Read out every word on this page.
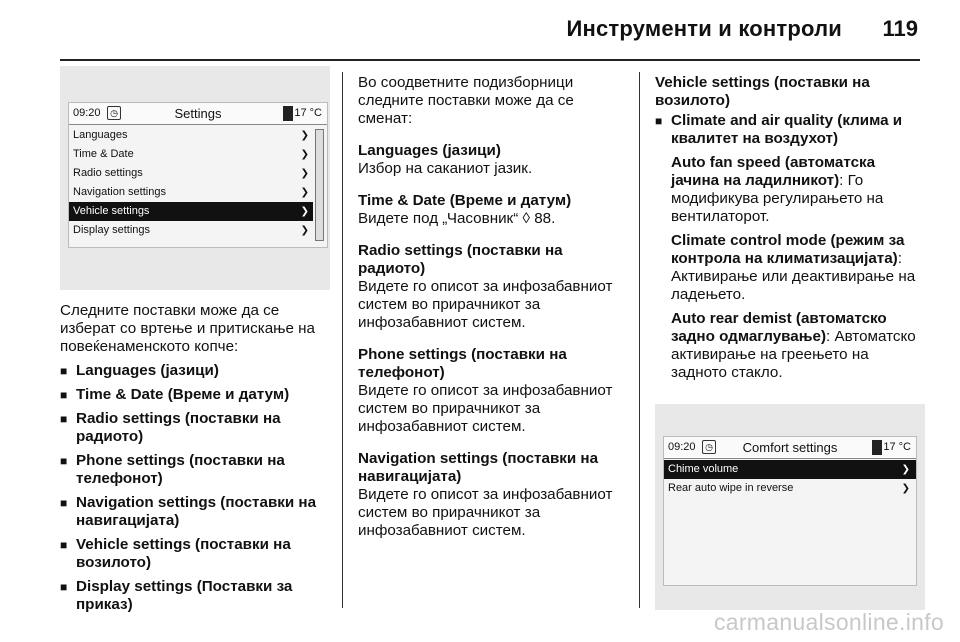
Инструменти и контроли 119
09:20	◷	Settings	17 °C
Languages	❯
Time & Date	❯
Radio settings	❯
Navigation settings	❯
Vehicle settings	❯
Display settings	❯

Следните поставки може да се изберат со вртење и притискање на повеќенаменското копче:

■ Languages (јазици)
■ Time & Date (Време и датум)
■ Radio settings (поставки на радиото)
■ Phone settings (поставки на телефонот)
■ Navigation settings (поставки на навигацијата)
■ Vehicle settings (поставки на возилото)
■ Display settings (Поставки за приказ)

Во соодветните подизборници следните поставки може да се сменат:

Languages (јазици)

Избор на саканиот јазик.

Time & Date (Време и датум)

Видете под „Часовник“ ◊ 88.

Radio settings (поставки на радиото)

Видете го описот за инфозабавниот систем во прирачникот за инфозабавниот систем.

Phone settings (поставки на телефонот)

Видете го описот за инфозабавниот систем во прирачникот за инфозабавниот систем.

Navigation settings (поставки на навигацијата)

Видете го описот за инфозабавниот систем во прирачникот за инфозабавниот систем.

Vehicle settings (поставки на возилото)
■ Climate and air quality (клима и квалитет на воздухот)

Auto fan speed (автоматска јачина на ладилникот): Го модификува регулирањето на вентилаторот.

Climate control mode (режим за контрола на климатизацијата): Активирање или деактивирање на ладењето.

Auto rear demist (автоматско задно одмаглување): Автоматско активирање на греењето на задното стакло.

09:20	◷	Comfort settings	17 °C
Chime volume	❯
Rear auto wipe in reverse	❯
carmanualsonline.info
